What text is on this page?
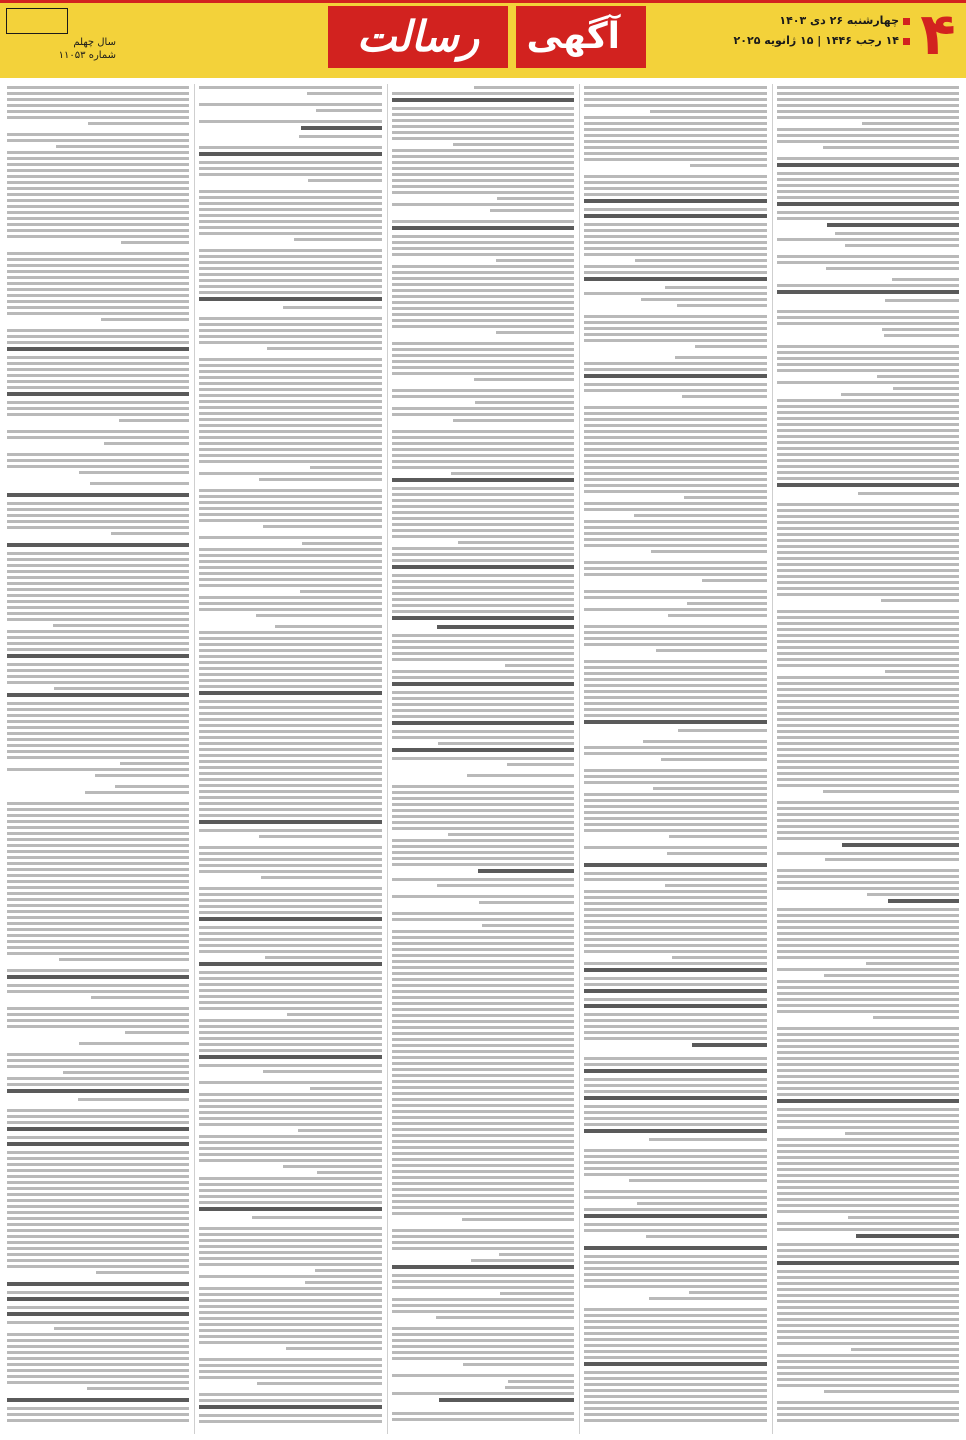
۴
چهارشنبه ۲۶ دی ۱۴۰۳
۱۴ رجب ۱۴۴۶ | ۱۵ ژانویه ۲۰۲۵
آگهی
رسالت
سال چهلم
شماره ۱۱۰۵۳
